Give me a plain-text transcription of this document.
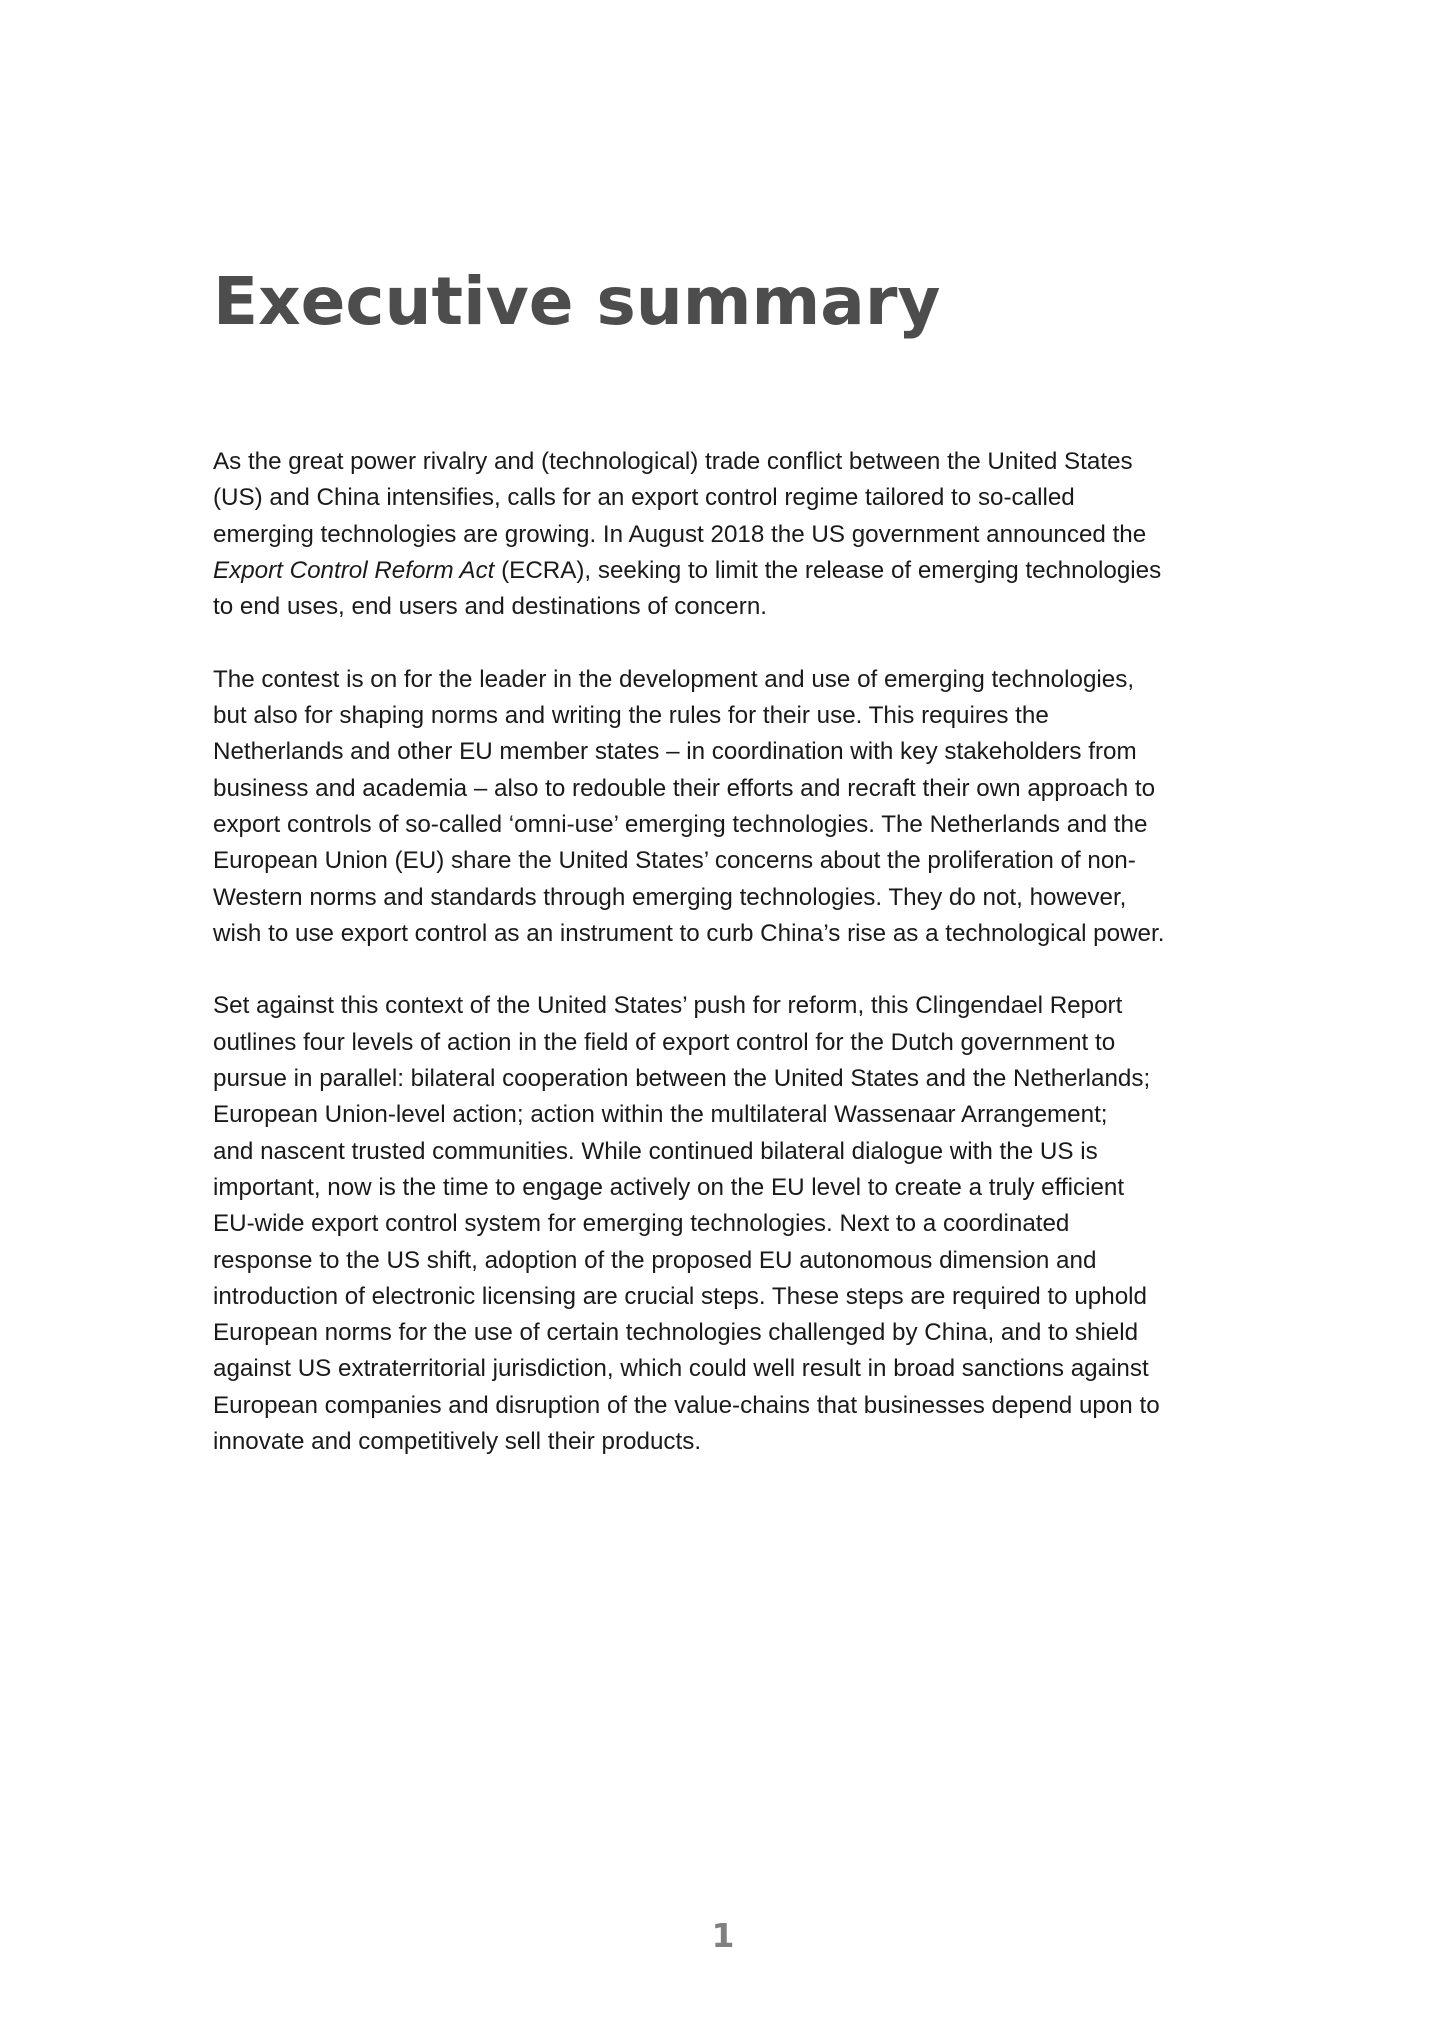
Executive summary

As the great power rivalry and (technological) trade conflict between the United States
(US) and China intensifies, calls for an export control regime tailored to so-called
emerging technologies are growing. In August 2018 the US government announced the
Export Control Reform Act (ECRA), seeking to limit the release of emerging technologies
to end uses, end users and destinations of concern.

The contest is on for the leader in the development and use of emerging technologies,
but also for shaping norms and writing the rules for their use. This requires the
Netherlands and other EU member states – in coordination with key stakeholders from
business and academia – also to redouble their efforts and recraft their own approach to
export controls of so-called ‘omni-use’ emerging technologies. The Netherlands and the
European Union (EU) share the United States’ concerns about the proliferation of non-
Western norms and standards through emerging technologies. They do not, however,
wish to use export control as an instrument to curb China’s rise as a technological power.

Set against this context of the United States’ push for reform, this Clingendael Report
outlines four levels of action in the field of export control for the Dutch government to
pursue in parallel: bilateral cooperation between the United States and the Netherlands;
European Union-level action; action within the multilateral Wassenaar Arrangement;
and nascent trusted communities. While continued bilateral dialogue with the US is
important, now is the time to engage actively on the EU level to create a truly efficient
EU-wide export control system for emerging technologies. Next to a coordinated
response to the US shift, adoption of the proposed EU autonomous dimension and
introduction of electronic licensing are crucial steps. These steps are required to uphold
European norms for the use of certain technologies challenged by China, and to shield
against US extraterritorial jurisdiction, which could well result in broad sanctions against
European companies and disruption of the value-chains that businesses depend upon to
innovate and competitively sell their products.

1
